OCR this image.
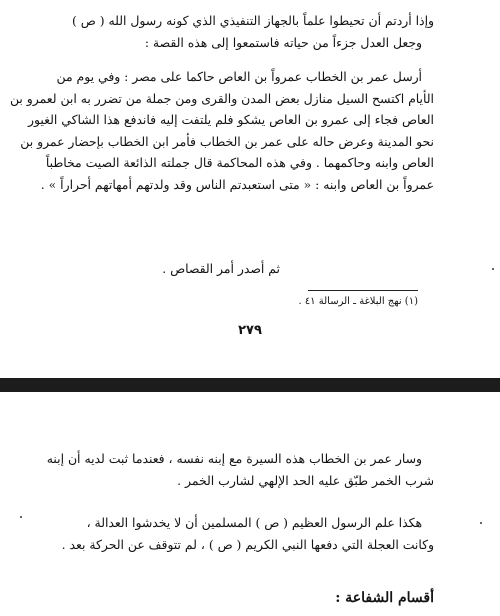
وإذا أردتم أن تحيطوا علماً بالجهاز التنفيذي الذي كونه رسول الله ( ص )
وجعل العدل جزءاً من حياته فاستمعوا إلى هذه القصة :

أرسل عمر بن الخطاب عمرواً بن العاص حاكما على مصر : وفي يوم من
الأيام اكتسح السيل منازل بعض المدن والقرى ومن جملة من تضرر به ابن لعمرو بن
العاص فجاء إلى عمرو بن العاص يشكو فلم يلتفت إليه فاندفع هذا الشاكي الغيور
نحو المدينة وعرض حاله على عمر بن الخطاب فأمر ابن الخطاب بإحضار عمرو بن
العاص وابنه وحاكمهما . وفي هذه المحاكمة قال جملته الذائعة الصيت مخاطباً
عمرواً بن العاص وابنه : « متى استعبدتم الناس وقد ولدتهم أمهاتهم أحراراً » .

ثم أصدر أمر القصاص .

(١) نهج البلاغة ـ الرسالة ٤١ .
٢٧٩

وسار عمر بن الخطاب هذه السيرة مع إبنه نفسه ، فعندما ثبت لديه أن إبنه
شرب الخمر طبّق عليه الحد الإلهي لشارب الخمر .

هكذا علم الرسول العظيم ( ص ) المسلمين أن لا يخدشوا العدالة ،
وكانت العجلة التي دفعها النبي الكريم ( ص ) ، لم تتوقف عن الحركة بعد .

أقسام الشفاعة :
